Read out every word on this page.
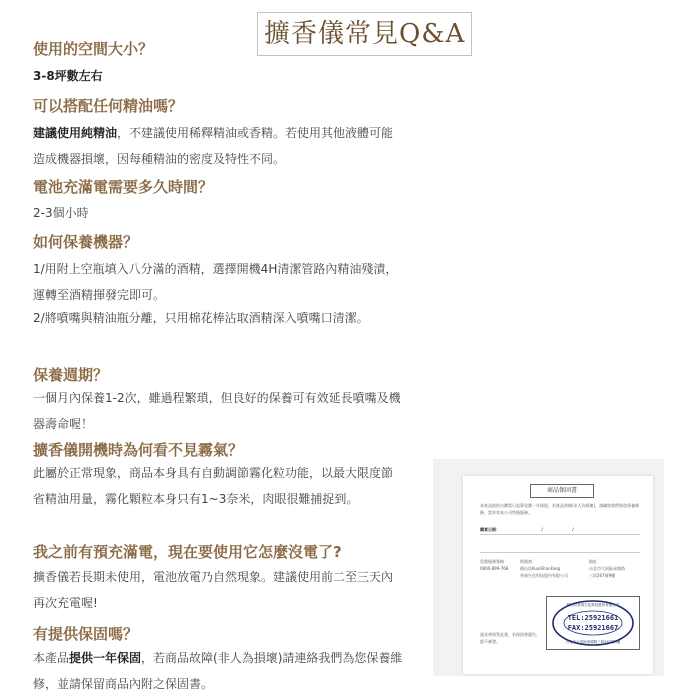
擴香儀常見Q&A
使用的空間大小？
3-8坪數左右
可以搭配任何精油嗎？
建議使用純精油，不建議使用稀釋精油或香精。若使用其他液體可能造成機器損壞，因每種精油的密度及特性不同。
電池充滿電需要多久時間？
2-3個小時
如何保養機器？
1/用附上空瓶填入八分滿的酒精，選擇開機4H清潔管路內精油殘漬，運轉至酒精揮發完即可。
2/將噴嘴與精油瓶分離，只用棉花棒沾取酒精深入噴嘴口清潔。
保養週期？
一個月內保養1-2次，雖過程繁瑣，但良好的保養可有效延長噴嘴及機器壽命喔！
擴香儀開機時為何看不見霧氣？
此屬於正常現象，商品本身具有自動調節霧化粒功能，以最大限度節省精油用量，霧化顆粒本身只有1~3奈米，肉眼很難捕捉到。
我之前有預充滿電，現在要使用它怎麼沒電了?
擴香儀若長期未使用，電池放電乃自然現象。建議使用前二至三天內再次充電喔!
有提供保固嗎？
本產品提供一年保固，若商品故障(非人為損壞)請連絡我們為您保養維修，並請保留商品內附之保固書。
商品保固書
本產品提供自購買日起算免費一年保固，若產品故障(非人為損壞)，請聯絡我們與您保養維修，當享有本公司售後服務。
購買日期：	/	/
免費服務專線
0800-899-768
經銷商
積山坊KuaiShanFang
茶祿生化科技股份有限公司
地址
台北市大同區承德路
三段267號9樓
請妥善保管此書，若保固書遺失，恕不補發。
TEL:25921661
FAX:25921667
積山坊茶祿生化科技股份有限公司
台北市大同區承德路三段267號9樓
